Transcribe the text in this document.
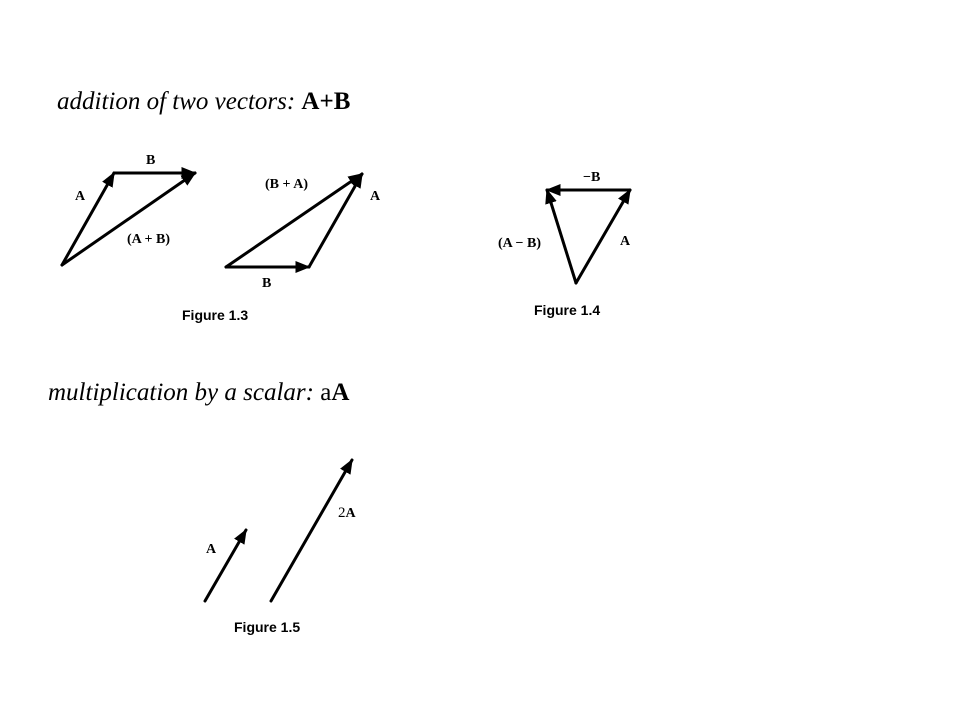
addition of two vectors: A+B
multiplication by a scalar: aA
A
B
(A + B)
(B + A)
A
B
Figure 1.3
−B
(A − B)	A
Figure 1.4
A
2A
Figure 1.5
